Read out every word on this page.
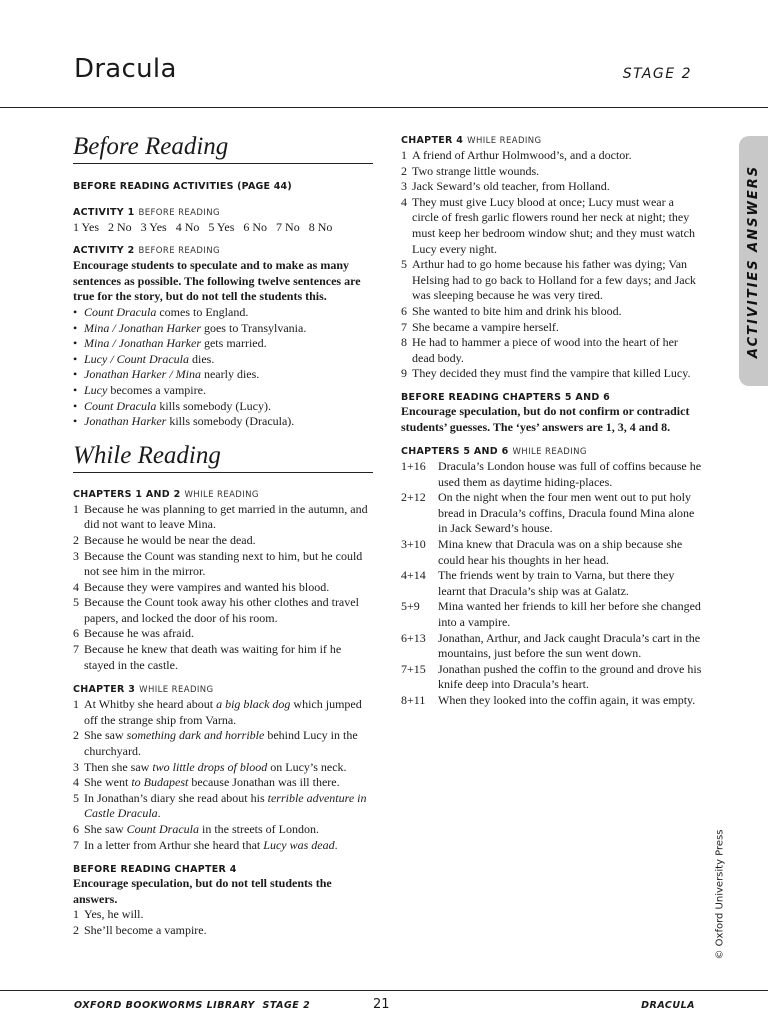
Dracula	STAGE 2
ACTIVITIES ANSWERS
Before Reading
BEFORE READING ACTIVITIES (PAGE 44)
ACTIVITY 1 BEFORE READING
1 Yes   2 No   3 Yes   4 No   5 Yes   6 No   7 No   8 No
ACTIVITY 2 BEFORE READING
Encourage students to speculate and to make as many sentences as possible. The following twelve sentences are true for the story, but do not tell the students this.
• Count Dracula comes to England.
• Mina / Jonathan Harker goes to Transylvania.
• Mina / Jonathan Harker gets married.
• Lucy / Count Dracula dies.
• Jonathan Harker / Mina nearly dies.
• Lucy becomes a vampire.
• Count Dracula kills somebody (Lucy).
• Jonathan Harker kills somebody (Dracula).
While Reading
CHAPTERS 1 AND 2 WHILE READING
1 Because he was planning to get married in the autumn, and did not want to leave Mina.
2 Because he would be near the dead.
3 Because the Count was standing next to him, but he could not see him in the mirror.
4 Because they were vampires and wanted his blood.
5 Because the Count took away his other clothes and travel papers, and locked the door of his room.
6 Because he was afraid.
7 Because he knew that death was waiting for him if he stayed in the castle.
CHAPTER 3 WHILE READING
1 At Whitby she heard about a big black dog which jumped off the strange ship from Varna.
2 She saw something dark and horrible behind Lucy in the churchyard.
3 Then she saw two little drops of blood on Lucy’s neck.
4 She went to Budapest because Jonathan was ill there.
5 In Jonathan’s diary she read about his terrible adventure in Castle Dracula.
6 She saw Count Dracula in the streets of London.
7 In a letter from Arthur she heard that Lucy was dead.
BEFORE READING CHAPTER 4
Encourage speculation, but do not tell students the answers.
1 Yes, he will.
2 She’ll become a vampire.
CHAPTER 4 WHILE READING
1 A friend of Arthur Holmwood’s, and a doctor.
2 Two strange little wounds.
3 Jack Seward’s old teacher, from Holland.
4 They must give Lucy blood at once; Lucy must wear a circle of fresh garlic flowers round her neck at night; they must keep her bedroom window shut; and they must watch Lucy every night.
5 Arthur had to go home because his father was dying; Van Helsing had to go back to Holland for a few days; and Jack was sleeping because he was very tired.
6 She wanted to bite him and drink his blood.
7 She became a vampire herself.
8 He had to hammer a piece of wood into the heart of her dead body.
9 They decided they must find the vampire that killed Lucy.
BEFORE READING CHAPTERS 5 AND 6
Encourage speculation, but do not confirm or contradict students’ guesses. The ‘yes’ answers are 1, 3, 4 and 8.
CHAPTERS 5 AND 6 WHILE READING
1+16 Dracula’s London house was full of coffins because he used them as daytime hiding-places.
2+12 On the night when the four men went out to put holy bread in Dracula’s coffins, Dracula found Mina alone in Jack Seward’s house.
3+10 Mina knew that Dracula was on a ship because she could hear his thoughts in her head.
4+14 The friends went by train to Varna, but there they learnt that Dracula’s ship was at Galatz.
5+9 Mina wanted her friends to kill her before she changed into a vampire.
6+13 Jonathan, Arthur, and Jack caught Dracula’s cart in the mountains, just before the sun went down.
7+15 Jonathan pushed the coffin to the ground and drove his knife deep into Dracula’s heart.
8+11 When they looked into the coffin again, it was empty.
© Oxford University Press
OXFORD BOOKWORMS LIBRARY  STAGE 2	21	DRACULA
